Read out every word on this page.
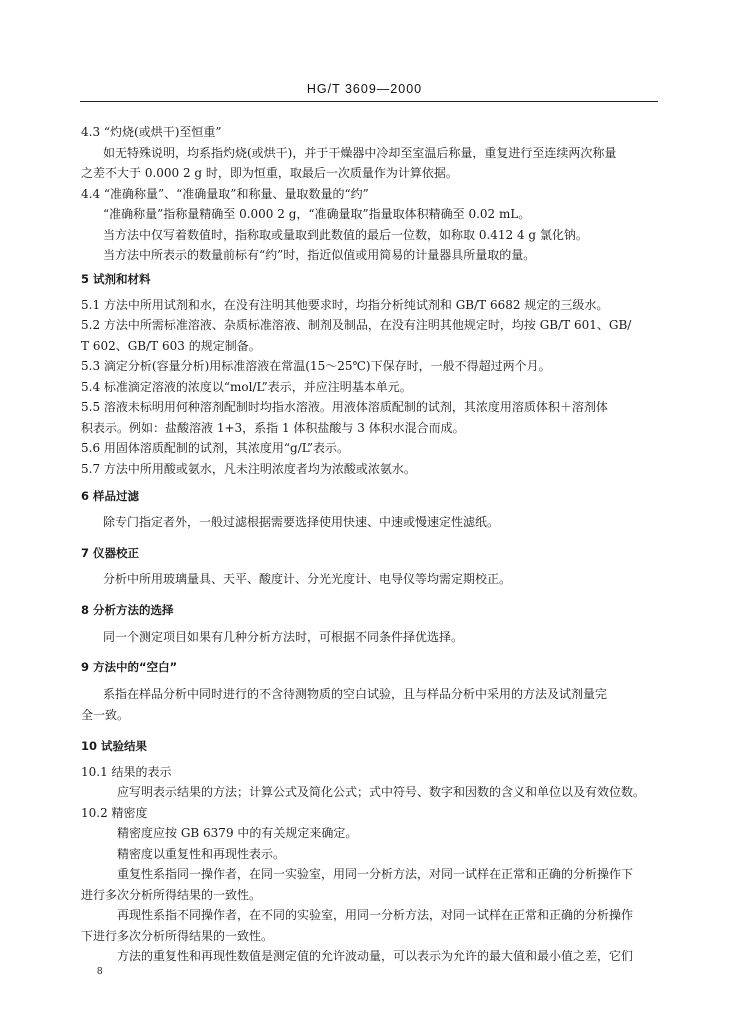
HG/T 3609—2000
4.3 “灼烧(或烘干)至恒重”
如无特殊说明，均系指灼烧(或烘干)，并于干燥器中冷却至室温后称量，重复进行至连续两次称量
之差不大于 0.000 2 g 时，即为恒重，取最后一次质量作为计算依据。
4.4 “准确称量”、“准确量取”和称量、量取数量的“约”
“准确称量”指称量精确至 0.000 2 g，“准确量取”指量取体积精确至 0.02 mL。
当方法中仅写着数值时，指称取或量取到此数值的最后一位数，如称取 0.412 4 g 氯化钠。
当方法中所表示的数量前标有“约”时，指近似值或用简易的计量器具所量取的量。
5 试剂和材料
5.1 方法中所用试剂和水，在没有注明其他要求时，均指分析纯试剂和 GB/T 6682 规定的三级水。
5.2 方法中所需标准溶液、杂质标准溶液、制剂及制品，在没有注明其他规定时，均按 GB/T 601、GB/
T 602、GB/T 603 的规定制备。
5.3 滴定分析(容量分析)用标准溶液在常温(15～25℃)下保存时，一般不得超过两个月。
5.4 标准滴定溶液的浓度以“mol/L”表示，并应注明基本单元。
5.5 溶液未标明用何种溶剂配制时均指水溶液。用液体溶质配制的试剂，其浓度用溶质体积＋溶剂体
积表示。例如：盐酸溶液 1+3，系指 1 体积盐酸与 3 体积水混合而成。
5.6 用固体溶质配制的试剂，其浓度用“g/L”表示。
5.7 方法中所用酸或氨水，凡未注明浓度者均为浓酸或浓氨水。
6 样品过滤
除专门指定者外，一般过滤根据需要选择使用快速、中速或慢速定性滤纸。
7 仪器校正
分析中所用玻璃量具、天平、酸度计、分光光度计、电导仪等均需定期校正。
8 分析方法的选择
同一个测定项目如果有几种分析方法时，可根据不同条件择优选择。
9 方法中的“空白”
系指在样品分析中同时进行的不含待测物质的空白试验，且与样品分析中采用的方法及试剂量完
全一致。
10 试验结果
10.1 结果的表示
应写明表示结果的方法；计算公式及简化公式；式中符号、数字和因数的含义和单位以及有效位数。
10.2 精密度
精密度应按 GB 6379 中的有关规定来确定。
精密度以重复性和再现性表示。
重复性系指同一操作者，在同一实验室，用同一分析方法，对同一试样在正常和正确的分析操作下
进行多次分析所得结果的一致性。
再现性系指不同操作者，在不同的实验室，用同一分析方法，对同一试样在正常和正确的分析操作
下进行多次分析所得结果的一致性。
方法的重复性和再现性数值是测定值的允许波动量，可以表示为允许的最大值和最小值之差，它们
8
